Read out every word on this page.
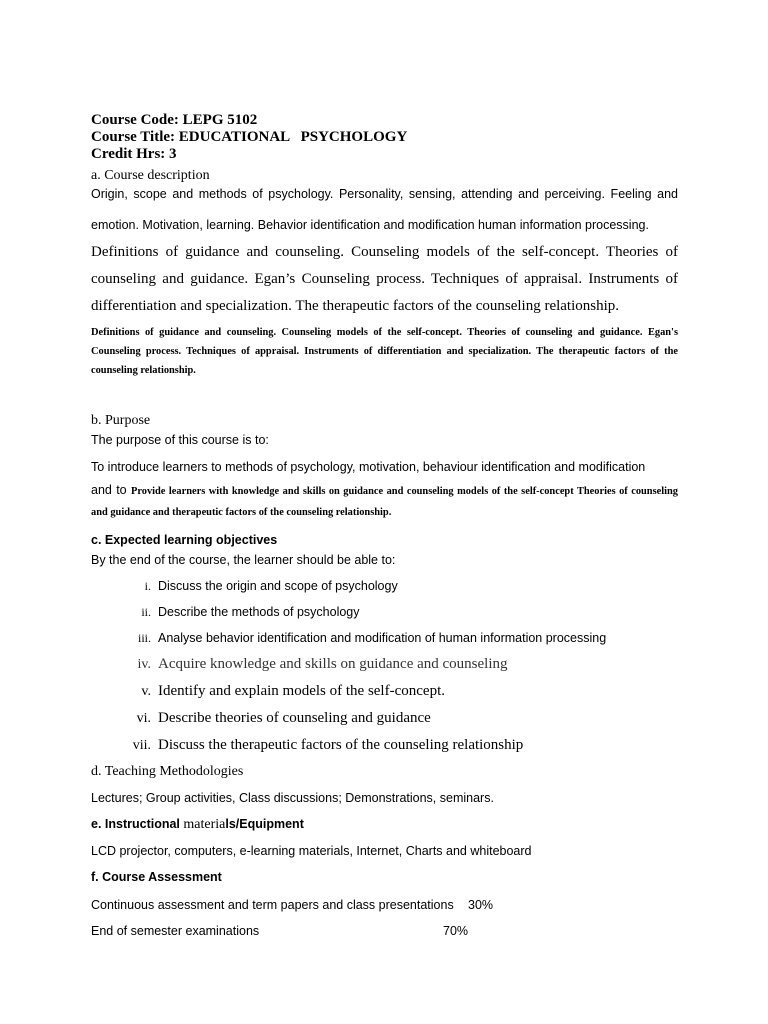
Course Code: LEPG 5102
Course Title: EDUCATIONAL   PSYCHOLOGY
Credit Hrs: 3

a. Course description

Origin, scope and methods of psychology. Personality, sensing, attending and perceiving. Feeling and emotion. Motivation, learning. Behavior identification and modification human information processing.

Definitions of guidance and counseling. Counseling models of the self-concept. Theories of counseling and guidance. Egan’s Counseling process. Techniques of appraisal. Instruments of differentiation and specialization. The therapeutic factors of the counseling relationship.

Definitions of guidance and counseling. Counseling models of the self-concept. Theories of counseling and guidance. Egan's Counseling process. Techniques of appraisal. Instruments of differentiation and specialization. The therapeutic factors of the counseling relationship.

b. Purpose

The purpose of this course is to:

To introduce learners to methods of psychology, motivation, behaviour identification and modification

and to Provide learners with knowledge and skills on guidance and counseling models of the self-concept Theories of counseling and guidance and therapeutic factors of the counseling relationship.

c. Expected learning objectives

By the end of the course, the learner should be able to:

i. Discuss the origin and scope of psychology
ii. Describe the methods of psychology
iii. Analyse behavior identification and modification of human information processing
iv. Acquire knowledge and skills on guidance and counseling
v. Identify and explain models of the self-concept.
vi. Describe theories of counseling and guidance
vii. Discuss the therapeutic factors of the counseling relationship

d. Teaching Methodologies

Lectures; Group activities, Class discussions; Demonstrations, seminars.

e. Instructional materials/Equipment

LCD projector, computers, e-learning materials, Internet, Charts and whiteboard

f. Course Assessment

Continuous assessment and term papers and class presentations 30%
End of semester examinations	70%
